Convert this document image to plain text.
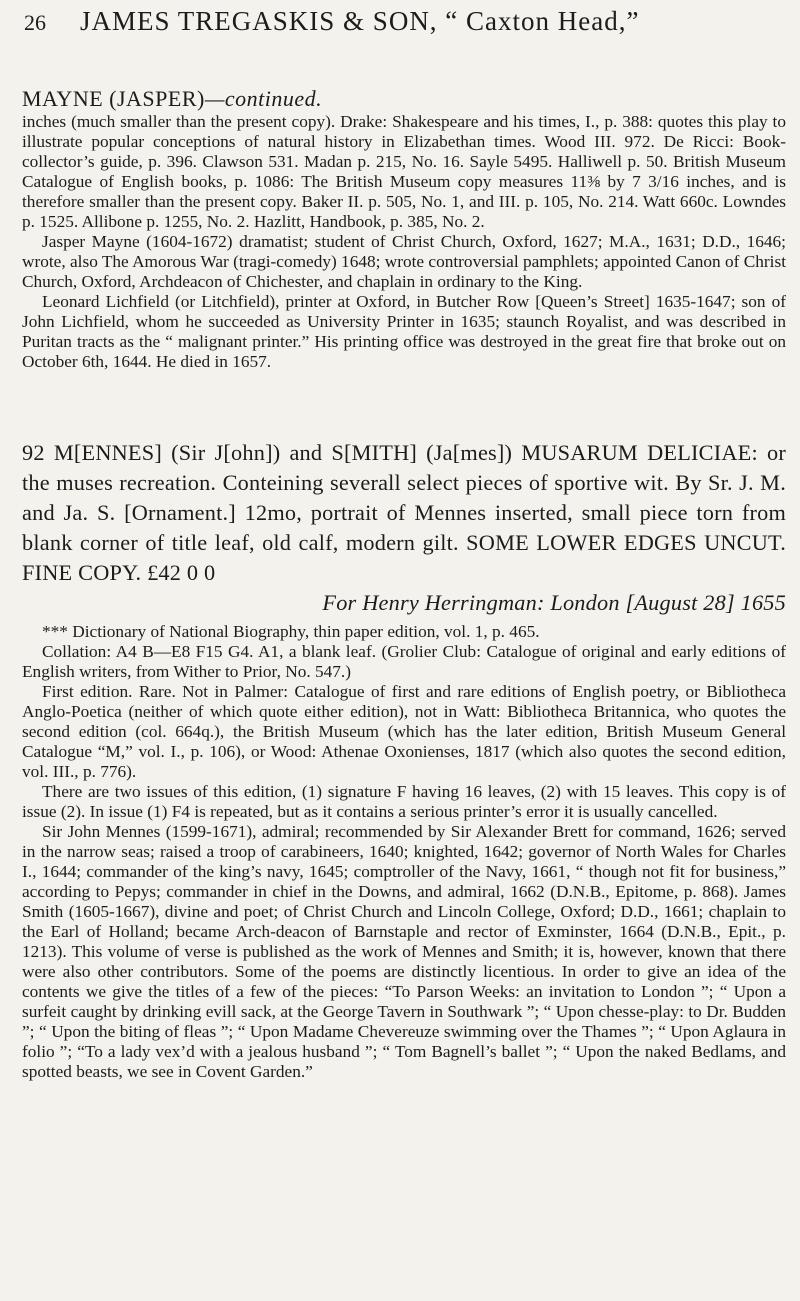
26	JAMES TREGASKIS & SON, “ Caxton Head,”
MAYNE (JASPER)—continued.

inches (much smaller than the present copy). Drake: Shakespeare and his times, I., p. 388: quotes this play to illustrate popular conceptions of natural history in Elizabethan times. Wood III. 972. De Ricci: Book-collector’s guide, p. 396. Clawson 531. Madan p. 215, No. 16. Sayle 5495. Halliwell p. 50. British Museum Catalogue of English books, p. 1086: The British Museum copy measures 11⅜ by 7 3/16 inches, and is therefore smaller than the present copy. Baker II. p. 505, No. 1, and III. p. 105, No. 214. Watt 660c. Lowndes p. 1525. Allibone p. 1255, No. 2. Hazlitt, Handbook, p. 385, No. 2.

Jasper Mayne (1604-1672) dramatist; student of Christ Church, Oxford, 1627; M.A., 1631; D.D., 1646; wrote, also The Amorous War (tragi-comedy) 1648; wrote controversial pamphlets; appointed Canon of Christ Church, Oxford, Archdeacon of Chichester, and chaplain in ordinary to the King.

Leonard Lichfield (or Litchfield), printer at Oxford, in Butcher Row [Queen’s Street] 1635-1647; son of John Lichfield, whom he succeeded as University Printer in 1635; staunch Royalist, and was described in Puritan tracts as the “ malignant printer.” His printing office was destroyed in the great fire that broke out on October 6th, 1644. He died in 1657.

92 M[ENNES] (Sir J[ohn]) and S[MITH] (Ja[mes]) MUSARUM DELICIAE: or the muses recreation. Conteining severall select pieces of sportive wit. By Sr. J. M. and Ja. S. [Ornament.] 12mo, portrait of Mennes inserted, small piece torn from blank corner of title leaf, old calf, modern gilt. SOME LOWER EDGES UNCUT. FINE COPY. £42 0 0
For Henry Herringman: London [August 28] 1655

*** Dictionary of National Biography, thin paper edition, vol. 1, p. 465.

Collation: A4 B—E8 F15 G4. A1, a blank leaf. (Grolier Club: Catalogue of original and early editions of English writers, from Wither to Prior, No. 547.)

First edition. Rare. Not in Palmer: Catalogue of first and rare editions of English poetry, or Bibliotheca Anglo-Poetica (neither of which quote either edition), not in Watt: Bibliotheca Britannica, who quotes the second edition (col. 664q.), the British Museum (which has the later edition, British Museum General Catalogue “M,” vol. I., p. 106), or Wood: Athenae Oxonienses, 1817 (which also quotes the second edition, vol. III., p. 776).

There are two issues of this edition, (1) signature F having 16 leaves, (2) with 15 leaves. This copy is of issue (2). In issue (1) F4 is repeated, but as it contains a serious printer’s error it is usually cancelled.

Sir John Mennes (1599-1671), admiral; recommended by Sir Alexander Brett for command, 1626; served in the narrow seas; raised a troop of carabineers, 1640; knighted, 1642; governor of North Wales for Charles I., 1644; commander of the king’s navy, 1645; comptroller of the Navy, 1661, “ though not fit for business,” according to Pepys; commander in chief in the Downs, and admiral, 1662 (D.N.B., Epitome, p. 868). James Smith (1605-1667), divine and poet; of Christ Church and Lincoln College, Oxford; D.D., 1661; chaplain to the Earl of Holland; became Arch-deacon of Barnstaple and rector of Exminster, 1664 (D.N.B., Epit., p. 1213). This volume of verse is published as the work of Mennes and Smith; it is, however, known that there were also other contributors. Some of the poems are distinctly licentious. In order to give an idea of the contents we give the titles of a few of the pieces: “To Parson Weeks: an invitation to London ”; “ Upon a surfeit caught by drinking evill sack, at the George Tavern in Southwark ”; “ Upon chesse-play: to Dr. Budden ”; “ Upon the biting of fleas ”; “ Upon Madame Chevereuze swimming over the Thames ”; “ Upon Aglaura in folio ”; “To a lady vex’d with a jealous husband ”; “ Tom Bagnell’s ballet ”; “ Upon the naked Bedlams, and spotted beasts, we see in Covent Garden.”
